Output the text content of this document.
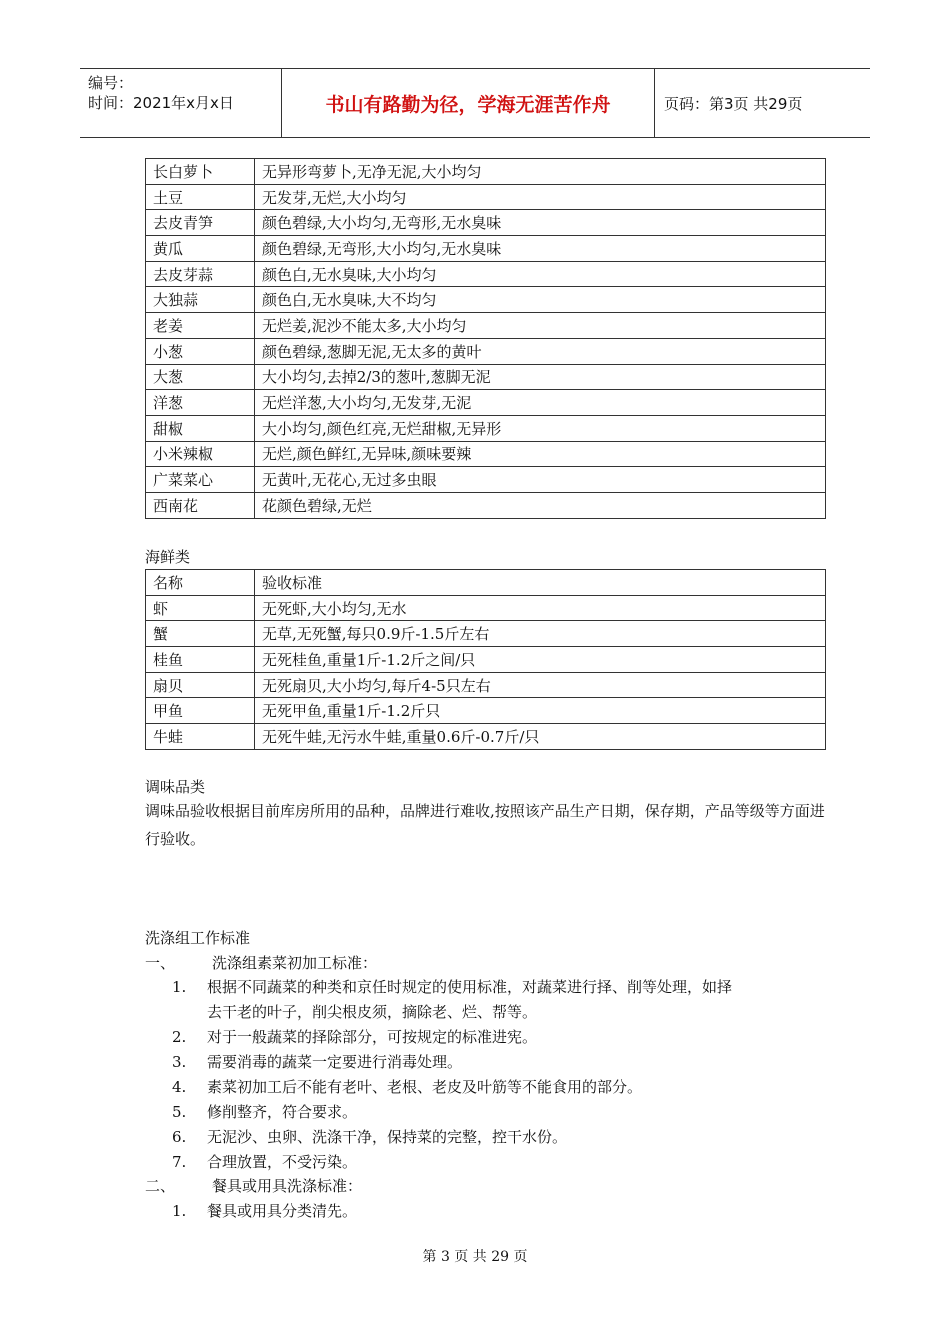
编号：
时间：2021年x月x日	书山有路勤为径，学海无涯苦作舟	页码：第3页 共29页
长白萝卜	无异形弯萝卜,无净无泥,大小均匀
土豆	无发芽,无烂,大小均匀
去皮青笋	颜色碧绿,大小均匀,无弯形,无水臭味
黄瓜	颜色碧绿,无弯形,大小均匀,无水臭味
去皮芽蒜	颜色白,无水臭味,大小均匀
大独蒜	颜色白,无水臭味,大不均匀
老姜	无烂姜,泥沙不能太多,大小均匀
小葱	颜色碧绿,葱脚无泥,无太多的黄叶
大葱	大小均匀,去掉2/3的葱叶,葱脚无泥
洋葱	无烂洋葱,大小均匀,无发芽,无泥
甜椒	大小均匀,颜色红亮,无烂甜椒,无异形
小米辣椒	无烂,颜色鲜红,无异味,颜味要辣
广菜菜心	无黄叶,无花心,无过多虫眼
西南花	花颜色碧绿,无烂
海鲜类
名称	验收标准
虾	无死虾,大小均匀,无水
蟹	无草,无死蟹,每只0.9斤-1.5斤左右
桂鱼	无死桂鱼,重量1斤-1.2斤之间/只
扇贝	无死扇贝,大小均匀,每斤4-5只左右
甲鱼	无死甲鱼,重量1斤-1.2斤只
牛蛙	无死牛蛙,无污水牛蛙,重量0.6斤-0.7斤/只
调味品类
调味品验收根据目前库房所用的品种，品牌进行难收,按照该产品生产日期，保存期，产品等级等方面进行验收。
洗涤组工作标准
一、 洗涤组素菜初加工标准：
1. 根据不同蔬菜的种类和京任时规定的使用标准，对蔬菜进行择、削等处理，如择
去干老的叶子，削尖根皮须，摘除老、烂、帮等。
2. 对于一般蔬菜的择除部分，可按规定的标准进宪。
3. 需要消毒的蔬菜一定要进行消毒处理。
4. 素菜初加工后不能有老叶、老根、老皮及叶筋等不能食用的部分。
5. 修削整齐，符合要求。
6. 无泥沙、虫卵、洗涤干净，保持菜的完整，控干水份。
7. 合理放置，不受污染。
二、 餐具或用具洗涤标准：
1. 餐具或用具分类清先。
第 3 页 共 29 页
